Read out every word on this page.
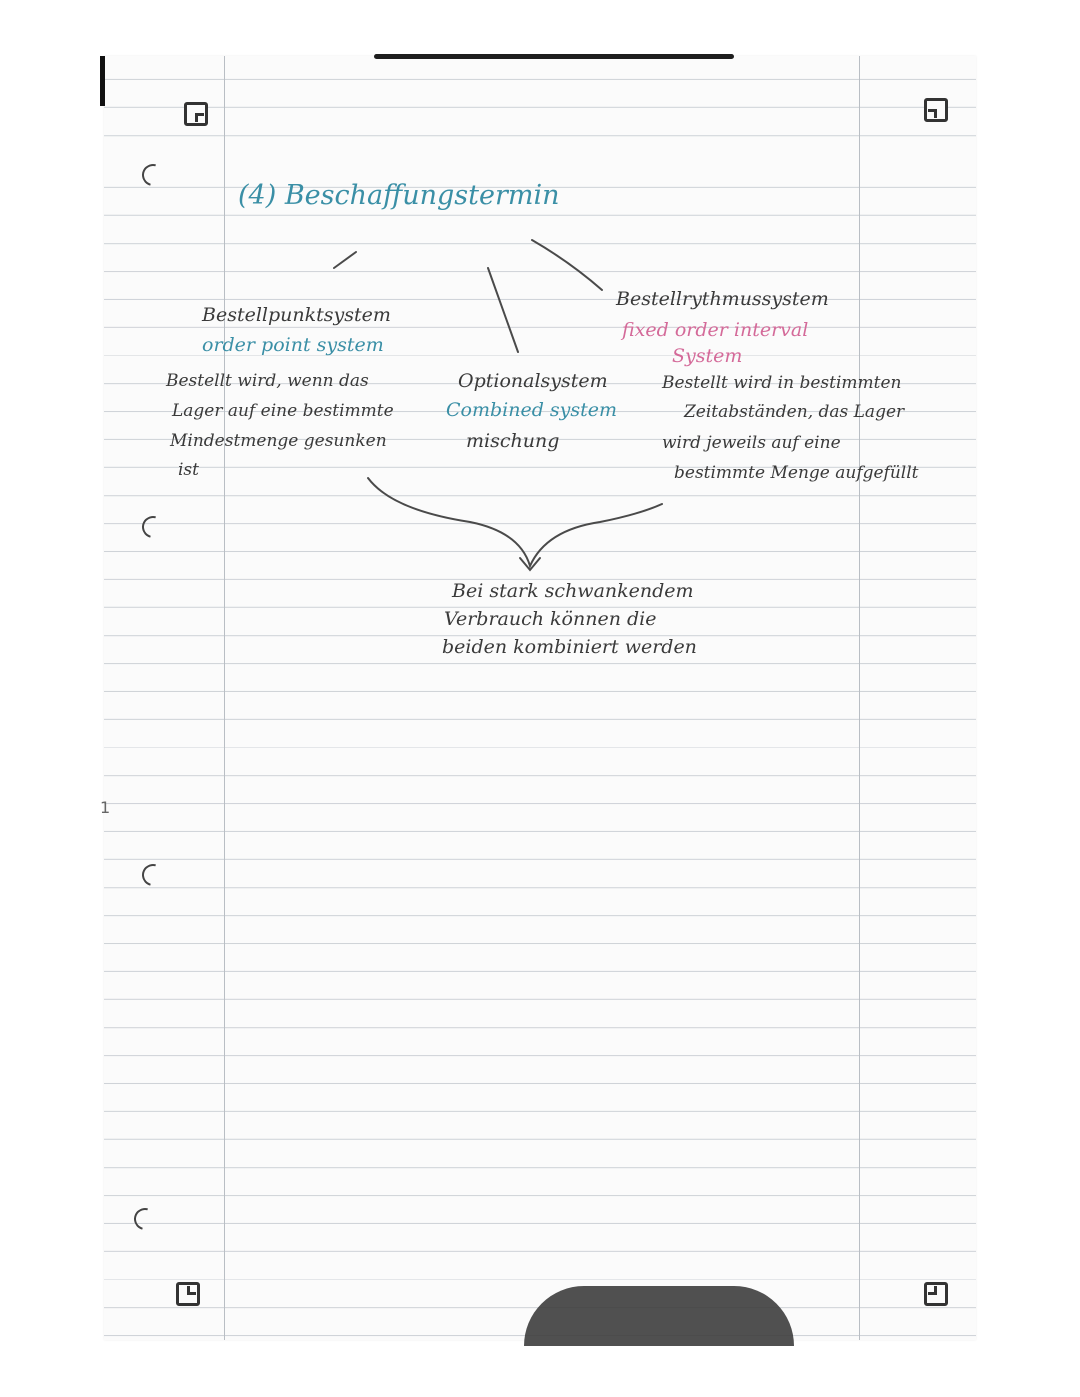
1
(4) Beschaffungstermin
Bestellpunktsystem
order point system
Bestellt wird, wenn das
Lager auf eine bestimmte
Mindestmenge gesunken
ist
Optionalsystem
Combined system
mischung
Bestellrythmussystem
fixed order interval
System
Bestellt wird in bestimmten
Zeitabständen, das Lager
wird jeweils auf eine
bestimmte Menge aufgefüllt
Bei stark schwankendem
Verbrauch können die
beiden kombiniert werden
